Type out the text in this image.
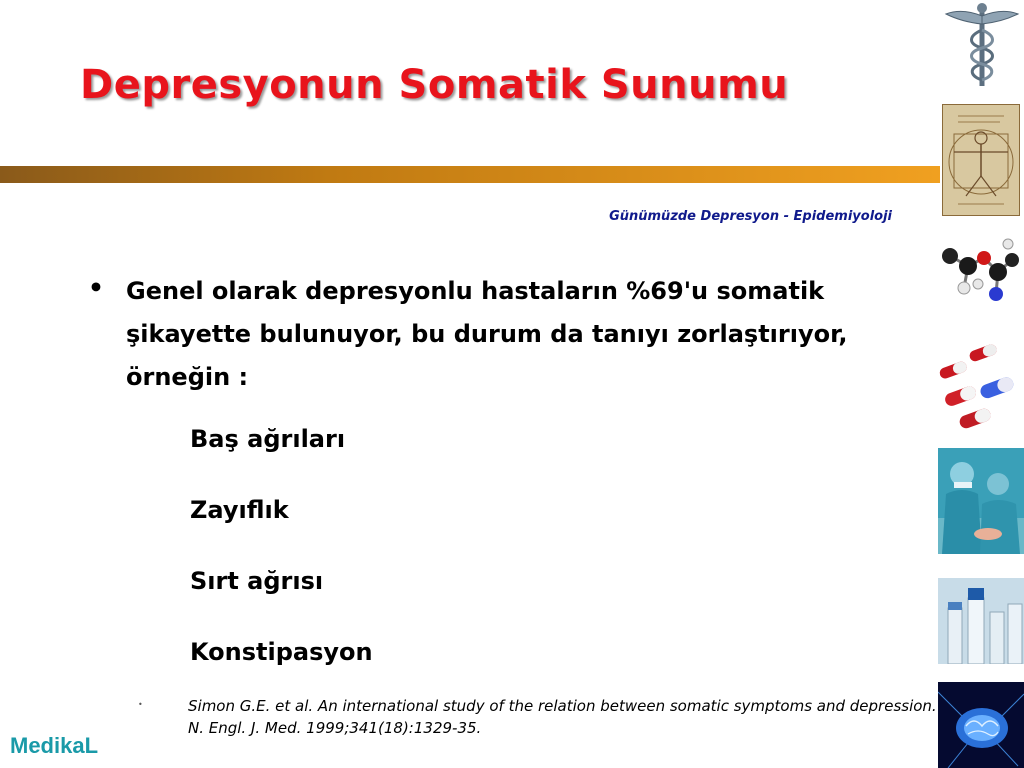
Depresyonun Somatik Sunumu
Günümüzde Depresyon - Epidemiyoloji
• Genel olarak depresyonlu hastaların %69'u somatik şikayette bulunuyor, bu durum da tanıyı zorlaştırıyor, örneğin :
Baş ağrıları
Zayıflık
Sırt ağrısı
Konstipasyon
•	Simon G.E. et al. An international study of the relation between somatic symptoms and depression. N. Engl. J. Med. 1999;341(18):1329-35.
MedikaL
